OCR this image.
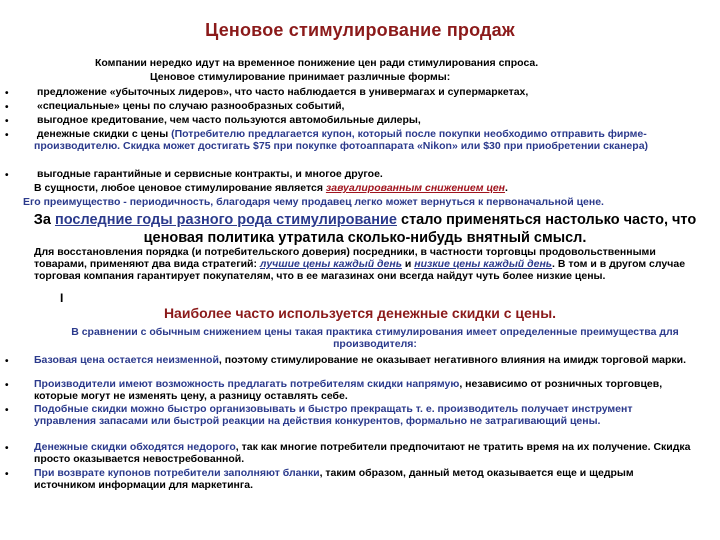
Ценовое стимулирование продаж
Компании нередко идут на временное понижение цен ради стимулирования спроса.
Ценовое стимулирование принимает различные формы:
•	предложение «убыточных лидеров», что часто наблюдается в универмагах и супермаркетах,
•	«специальные» цены по случаю разнообразных событий,
•	выгодное кредитование, чем часто пользуются автомобильные дилеры,
•	денежные скидки с цены (Потребителю предлагается купон, который после покупки необходимо отправить фирме-производителю. Скидка может достигать $75 при покупке фотоаппарата «Nikon» или $30 при приобретении сканера)
•	выгодные гарантийные и сервисные контракты, и многое другое.
В сущности, любое ценовое стимулирование является завуалированным снижением цен.
Его преимущество - периодичность, благодаря чему продавец легко может вернуться к первоначальной цене.
За последние годы разного рода стимулирование стало применяться настолько часто, что ценовая политика утратила сколько-нибудь внятный смысл.
Для восстановления порядка (и потребительского доверия) посредники, в частности торговцы продовольственными товарами, применяют два вида стратегий: лучшие цены каждый день и низкие цены каждый день. В том и в другом случае торговая компания гарантирует покупателям, что в ее магазинах они всегда найдут чуть более низкие цены.
I
Наиболее часто используется денежные скидки с цены.
В сравнении с обычным снижением цены такая практика стимулирования имеет определенные преимущества для производителя:
• Базовая цена остается неизменной, поэтому стимулирование не оказывает негативного влияния на имидж торговой марки.
• Производители имеют возможность предлагать потребителям скидки напрямую, независимо от розничных торговцев, которые могут не изменять цену, а разницу оставлять себе.
• Подобные скидки можно быстро организовывать и быстро прекращать т. е. производитель получает инструмент управления запасами или быстрой реакции на действия конкурентов, формально не затрагивающий цены.
• Денежные скидки обходятся недорого, так как многие потребители предпочитают не тратить время на их получение. Скидка просто оказывается невостребованной.
• При возврате купонов потребители заполняют бланки, таким образом, данный метод оказывается еще и щедрым источником информации для маркетинга.
